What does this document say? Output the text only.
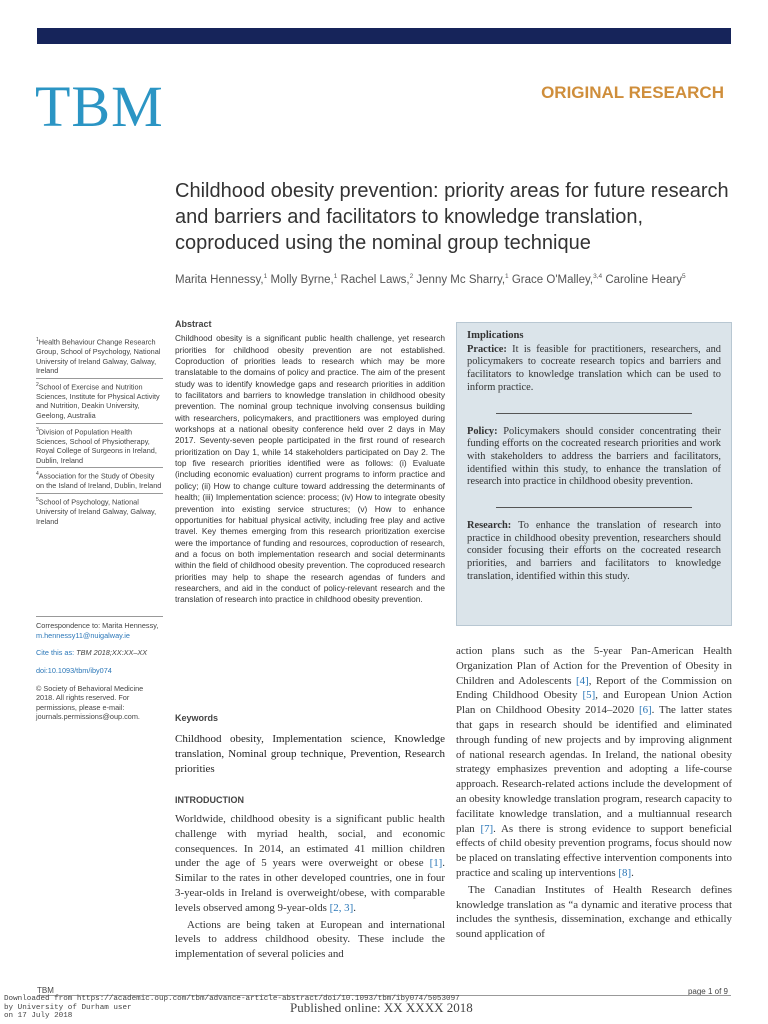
TBM	ORIGINAL RESEARCH
Childhood obesity prevention: priority areas for future research and barriers and facilitators to knowledge translation, coproduced using the nominal group technique
Marita Hennessy,$^1$ Molly Byrne,$^1$ Rachel Laws,$^2$ Jenny Mc Sharry,$^1$ Grace O'Malley,$^{3,4}$ Caroline Heary$^5$
$^1$Health Behaviour Change Research Group, School of Psychology, National University of Ireland Galway, Galway, Ireland
$^2$School of Exercise and Nutrition Sciences, Institute for Physical Activity and Nutrition, Deakin University, Geelong, Australia
$^3$Division of Population Health Sciences, School of Physiotherapy, Royal College of Surgeons in Ireland, Dublin, Ireland
$^4$Association for the Study of Obesity on the Island of Ireland, Dublin, Ireland
$^5$School of Psychology, National University of Ireland Galway, Galway, Ireland
Correspondence to: Marita Hennessy, m.hennessy11@nuigalway.ie
Cite this as: TBM 2018;XX:XX–XX
doi:10.1093/tbm/iby074
© Society of Behavioral Medicine 2018. All rights reserved. For permissions, please e-mail: journals.permissions@oup.com.
Abstract
Childhood obesity is a significant public health challenge, yet research priorities for childhood obesity prevention are not established. Coproduction of priorities leads to research which may be more translatable to the domains of policy and practice. The aim of the present study was to identify knowledge gaps and research priorities in addition to facilitators and barriers to knowledge translation in childhood obesity prevention. The nominal group technique involving consensus building with researchers, policymakers, and practitioners was employed during workshops at a national obesity conference held over 2 days in May 2017. Seventy-seven people participated in the first round of research prioritization on Day 1, while 14 stakeholders participated on Day 2. The top five research priorities identified were as follows: (i) Evaluate (including economic evaluation) current programs to inform practice and policy; (ii) How to change culture toward addressing the determinants of health; (iii) Implementation science: process; (iv) How to integrate obesity prevention into existing service structures; (v) How to enhance opportunities for habitual physical activity, including free play and active travel. Key themes emerging from this research prioritization exercise were the importance of funding and resources, coproduction of research, and a focus on both implementation research and social determinants within the field of childhood obesity prevention. The coproduced research priorities may help to shape the research agendas of funders and researchers, and aid in the conduct of policy-relevant research and the translation of research into practice in childhood obesity prevention.
Keywords
Childhood obesity, Implementation science, Knowledge translation, Nominal group technique, Prevention, Research priorities
INTRODUCTION

Worldwide, childhood obesity is a significant public health challenge with myriad health, social, and economic consequences. In 2014, an estimated 41 million children under the age of 5 years were overweight or obese [1]. Similar to the rates in other developed countries, one in four 3-year-olds in Ireland is overweight/obese, with comparable levels observed among 9-year-olds [2, 3].

Actions are being taken at European and international levels to address childhood obesity. These include the implementation of several policies and

Implications
Practice: It is feasible for practitioners, researchers, and policymakers to cocreate research topics and barriers and facilitators to knowledge translation which can be used to inform practice.
Policy: Policymakers should consider concentrating their funding efforts on the cocreated research priorities and work with stakeholders to address the barriers and facilitators, identified within this study, to enhance the translation of research into practice in childhood obesity prevention.
Research: To enhance the translation of research into practice in childhood obesity prevention, researchers should consider focusing their efforts on the cocreated research priorities, and barriers and facilitators to knowledge translation, identified within this study.

action plans such as the 5-year Pan-American Health Organization Plan of Action for the Prevention of Obesity in Children and Adolescents [4], Report of the Commission on Ending Childhood Obesity [5], and European Union Action Plan on Childhood Obesity 2014–2020 [6]. The latter states that gaps in research should be identified and eliminated through funding of new projects and by improving alignment of national research agendas. In Ireland, the national obesity strategy emphasizes prevention and adopting a life-course approach. Research-related actions include the development of an obesity knowledge translation program, research capacity to facilitate knowledge translation, and a multiannual research plan [7]. As there is strong evidence to support beneficial effects of child obesity prevention programs, focus should now be placed on translating effective intervention components into practice and scaling up interventions [8].

The Canadian Institutes of Health Research defines knowledge translation as “a dynamic and iterative process that includes the synthesis, dissemination, exchange and ethically sound application of

TBM	page 1 of 9
Downloaded from https://academic.oup.com/tbm/advance-article-abstract/doi/10.1093/tbm/iby074/5053097
by University of Durham user
on 17 July 2018
Published online: XX XXXX 2018
